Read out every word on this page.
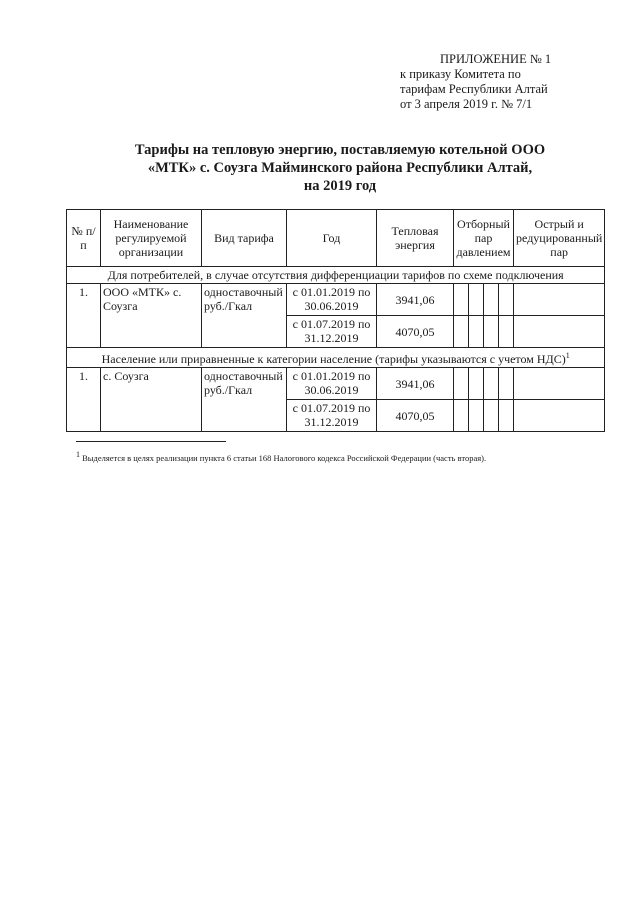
ПРИЛОЖЕНИЕ № 1
к приказу Комитета по
тарифам Республики Алтай
от 3 апреля 2019 г. № 7/1
Тарифы на тепловую энергию, поставляемую котельной ООО
«МТК» с. Соузга Майминского района Республики Алтай,
на 2019 год
№ п/п	Наименование регулируемой организации	Вид тарифа	Год	Тепловая энергия	Отборный пар давлением				Острый и редуцированный пар
Для потребителей, в случае отсутствия дифференциации тарифов по схеме подключения									
1.	ООО «МТК» с. Соузга	одноставочный руб./Гкал	с 01.01.2019 по 30.06.2019	3941,06					
			с 01.07.2019 по 31.12.2019	4070,05					
Население или приравненные к категории население (тарифы указываются с учетом НДС)$^1$
1.	с. Соузга	одноставочный руб./Гкал	с 01.01.2019 по 30.06.2019	3941,06					
			с 01.07.2019 по 31.12.2019	4070,05					
$^1$ Выделяется в целях реализации пункта 6 статьи 168 Налогового кодекса Российской Федерации (часть вторая).
